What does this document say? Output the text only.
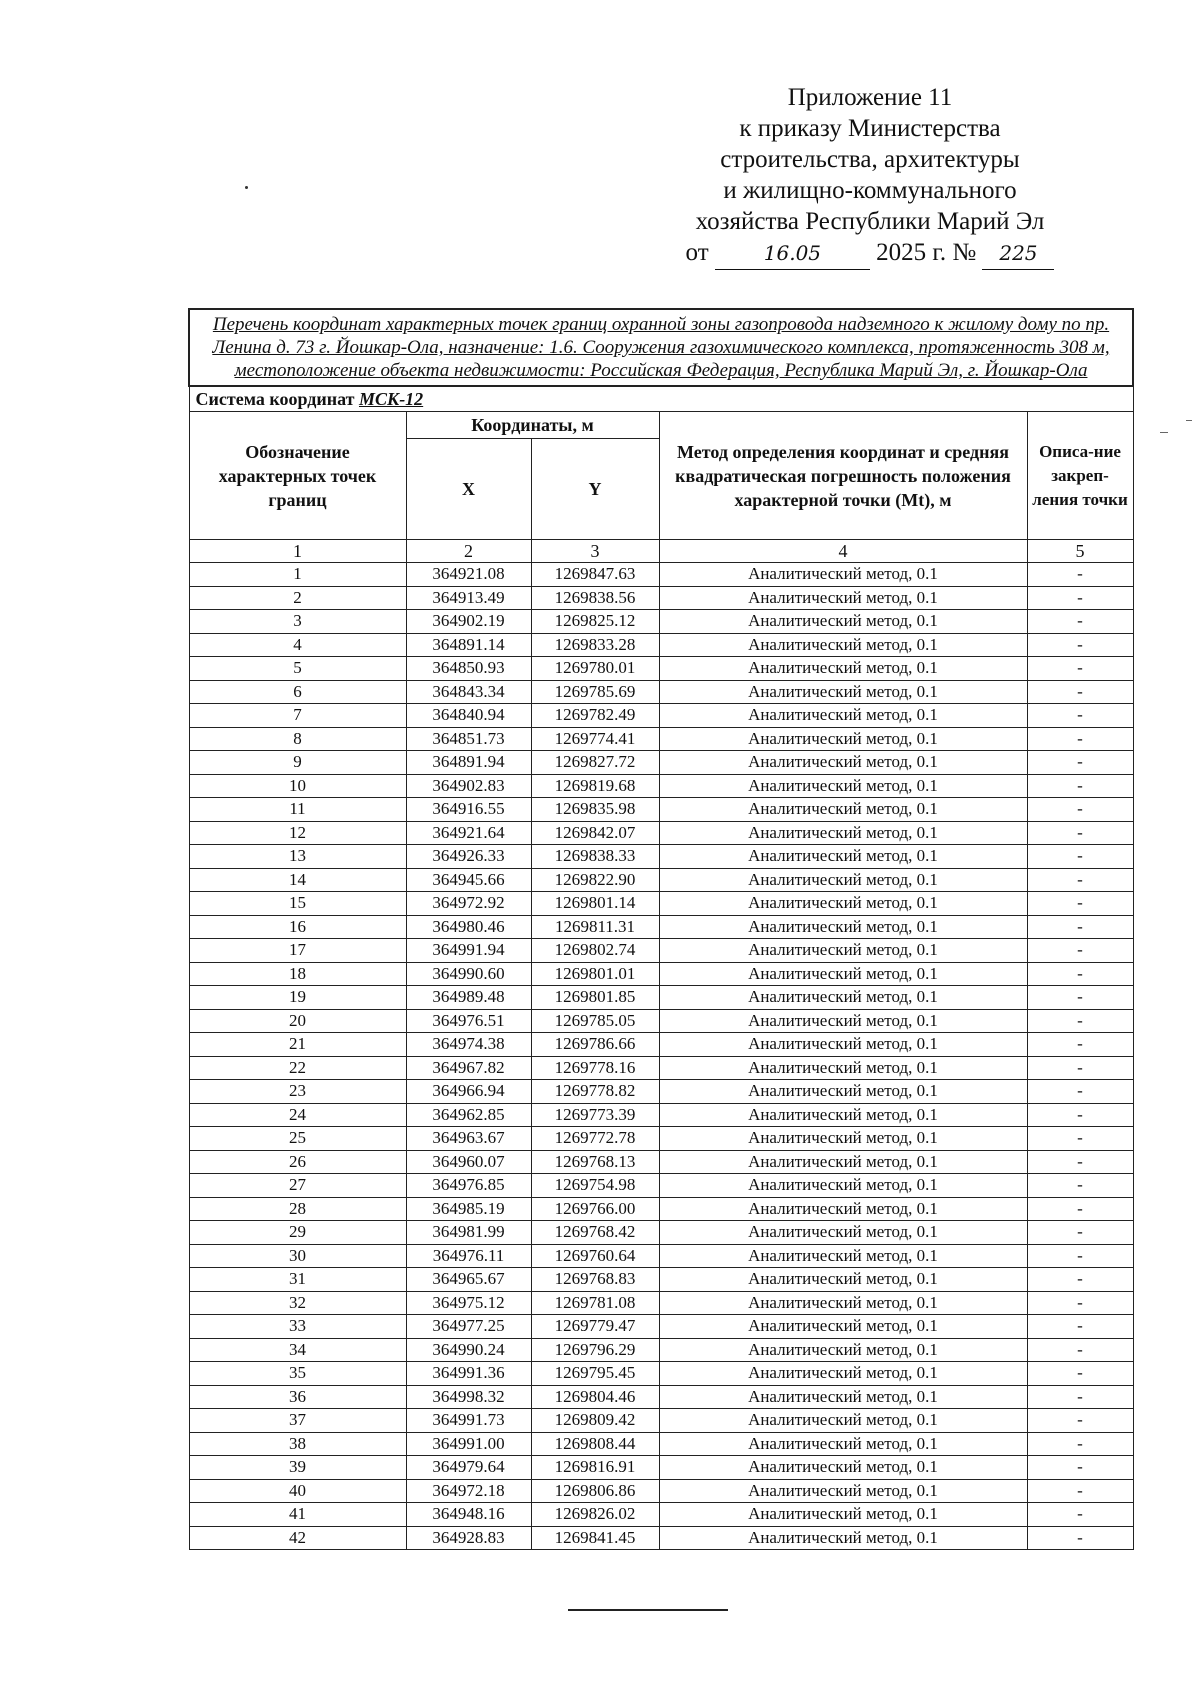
Приложение 11
к приказу Министерства
строительства, архитектуры
и жилищно-коммунального
хозяйства Республики Марий Эл
от	16.05 2025 г. № 225
Перечень координат характерных точек границ охранной зоны газопровода надземного к жилому дому по пр. Ленина д. 73 г. Йошкар-Ола, назначение: 1.6. Сооружения газохимического комплекса, протяженность 308 м, местоположение объекта недвижимости: Российская Федерация, Республика Марий Эл, г. Йошкар-Ола				
Система координат МСК-12				
Обозначение характерных точек границ	Координаты, м		Метод определения координат и средняя квадратическая погрешность положения характерной точки (Mt), м	Описа-ние закреп-ления точки
	X	Y		
1	2	3	4	5
1	364921.08	1269847.63	Аналитический метод, 0.1	-
2	364913.49	1269838.56	Аналитический метод, 0.1	-
3	364902.19	1269825.12	Аналитический метод, 0.1	-
4	364891.14	1269833.28	Аналитический метод, 0.1	-
5	364850.93	1269780.01	Аналитический метод, 0.1	-
6	364843.34	1269785.69	Аналитический метод, 0.1	-
7	364840.94	1269782.49	Аналитический метод, 0.1	-
8	364851.73	1269774.41	Аналитический метод, 0.1	-
9	364891.94	1269827.72	Аналитический метод, 0.1	-
10	364902.83	1269819.68	Аналитический метод, 0.1	-
11	364916.55	1269835.98	Аналитический метод, 0.1	-
12	364921.64	1269842.07	Аналитический метод, 0.1	-
13	364926.33	1269838.33	Аналитический метод, 0.1	-
14	364945.66	1269822.90	Аналитический метод, 0.1	-
15	364972.92	1269801.14	Аналитический метод, 0.1	-
16	364980.46	1269811.31	Аналитический метод, 0.1	-
17	364991.94	1269802.74	Аналитический метод, 0.1	-
18	364990.60	1269801.01	Аналитический метод, 0.1	-
19	364989.48	1269801.85	Аналитический метод, 0.1	-
20	364976.51	1269785.05	Аналитический метод, 0.1	-
21	364974.38	1269786.66	Аналитический метод, 0.1	-
22	364967.82	1269778.16	Аналитический метод, 0.1	-
23	364966.94	1269778.82	Аналитический метод, 0.1	-
24	364962.85	1269773.39	Аналитический метод, 0.1	-
25	364963.67	1269772.78	Аналитический метод, 0.1	-
26	364960.07	1269768.13	Аналитический метод, 0.1	-
27	364976.85	1269754.98	Аналитический метод, 0.1	-
28	364985.19	1269766.00	Аналитический метод, 0.1	-
29	364981.99	1269768.42	Аналитический метод, 0.1	-
30	364976.11	1269760.64	Аналитический метод, 0.1	-
31	364965.67	1269768.83	Аналитический метод, 0.1	-
32	364975.12	1269781.08	Аналитический метод, 0.1	-
33	364977.25	1269779.47	Аналитический метод, 0.1	-
34	364990.24	1269796.29	Аналитический метод, 0.1	-
35	364991.36	1269795.45	Аналитический метод, 0.1	-
36	364998.32	1269804.46	Аналитический метод, 0.1	-
37	364991.73	1269809.42	Аналитический метод, 0.1	-
38	364991.00	1269808.44	Аналитический метод, 0.1	-
39	364979.64	1269816.91	Аналитический метод, 0.1	-
40	364972.18	1269806.86	Аналитический метод, 0.1	-
41	364948.16	1269826.02	Аналитический метод, 0.1	-
42	364928.83	1269841.45	Аналитический метод, 0.1	-
